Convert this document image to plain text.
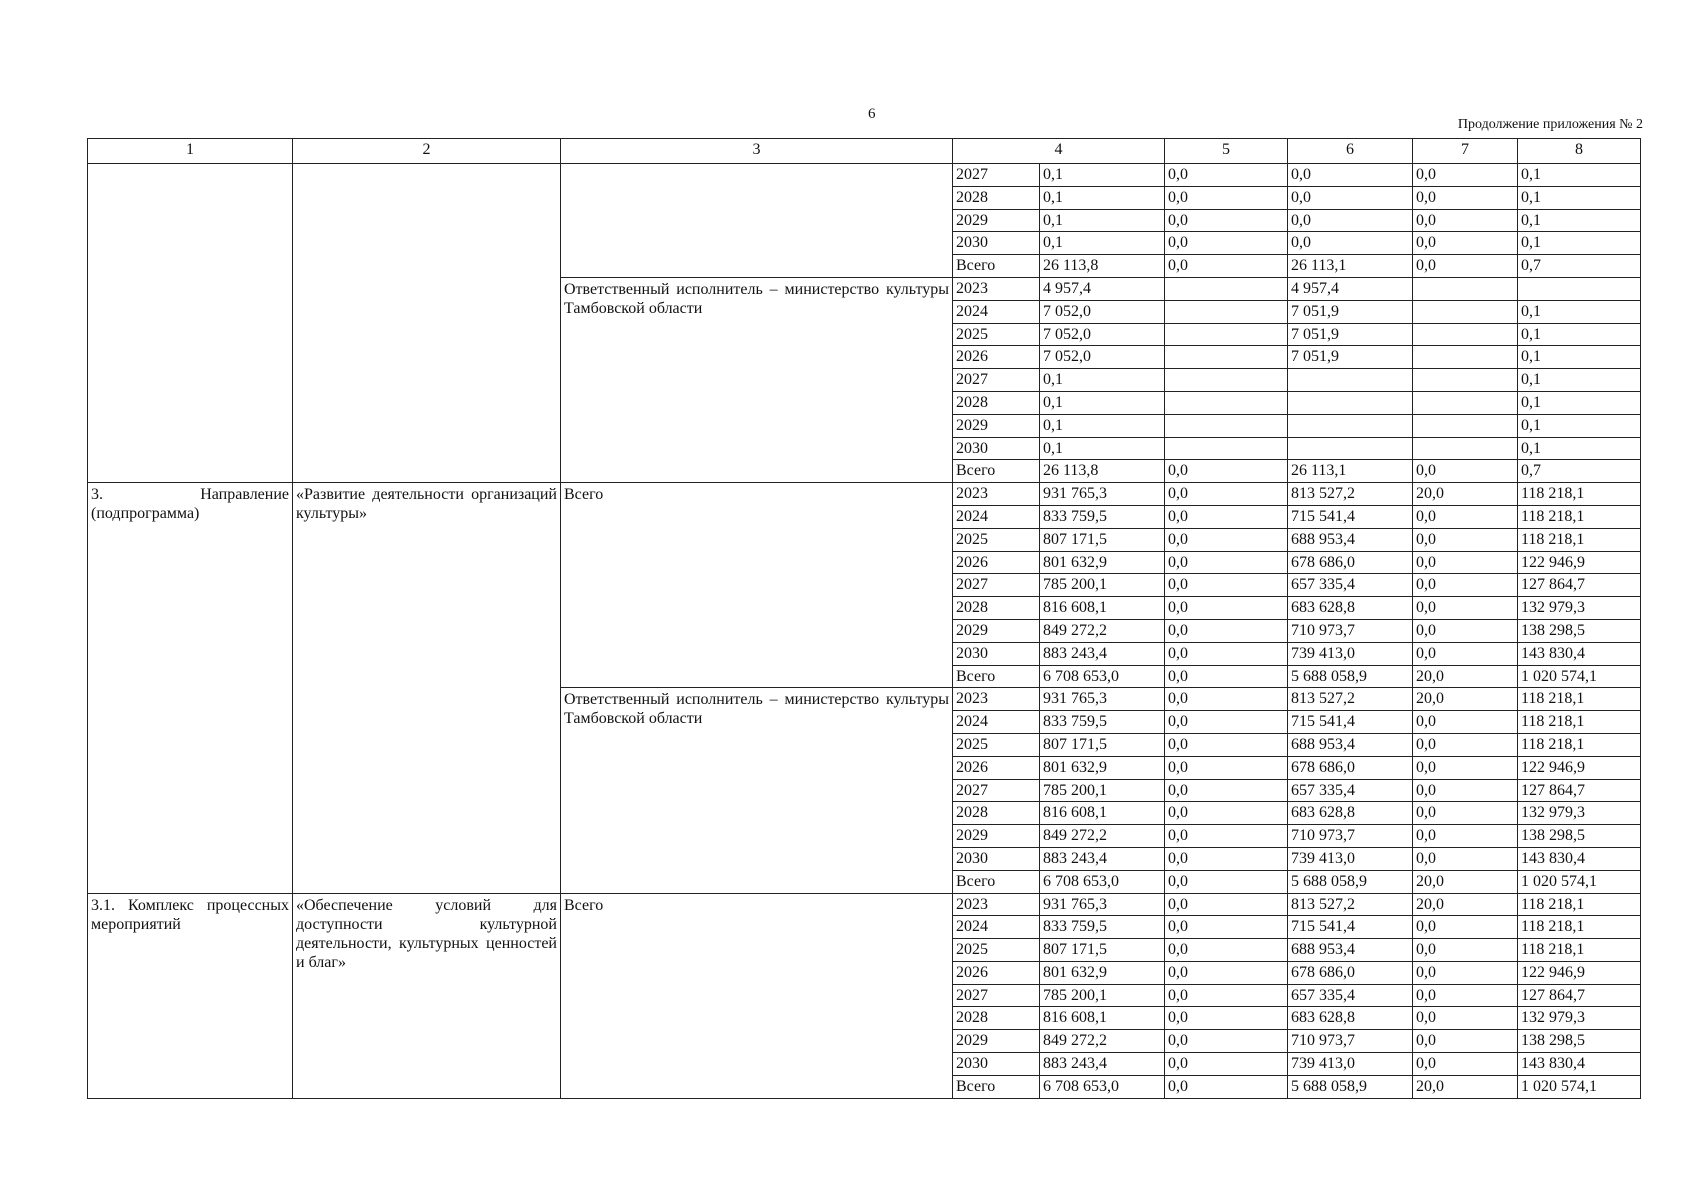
6
Продолжение приложения № 2
1	2	3	4		5	6	7	8
			2027	0,1	0,0	0,0	0,0	0,1
			2028	0,1	0,0	0,0	0,0	0,1
			2029	0,1	0,0	0,0	0,0	0,1
			2030	0,1	0,0	0,0	0,0	0,1
			Всего	26 113,8	0,0	26 113,1	0,0	0,7
		Ответственный исполнитель – министерство культуры Тамбовской области	2023	4 957,4		4 957,4		
			2024	7 052,0		7 051,9		0,1
			2025	7 052,0		7 051,9		0,1
			2026	7 052,0		7 051,9		0,1
			2027	0,1				0,1
			2028	0,1				0,1
			2029	0,1				0,1
			2030	0,1				0,1
			Всего	26 113,8	0,0	26 113,1	0,0	0,7
3. Направление (подпрограмма)	«Развитие деятельности организаций культуры»	Всего	2023	931 765,3	0,0	813 527,2	20,0	118 218,1
			2024	833 759,5	0,0	715 541,4	0,0	118 218,1
			2025	807 171,5	0,0	688 953,4	0,0	118 218,1
			2026	801 632,9	0,0	678 686,0	0,0	122 946,9
			2027	785 200,1	0,0	657 335,4	0,0	127 864,7
			2028	816 608,1	0,0	683 628,8	0,0	132 979,3
			2029	849 272,2	0,0	710 973,7	0,0	138 298,5
			2030	883 243,4	0,0	739 413,0	0,0	143 830,4
			Всего	6 708 653,0	0,0	5 688 058,9	20,0	1 020 574,1
		Ответственный исполнитель – министерство культуры Тамбовской области	2023	931 765,3	0,0	813 527,2	20,0	118 218,1
			2024	833 759,5	0,0	715 541,4	0,0	118 218,1
			2025	807 171,5	0,0	688 953,4	0,0	118 218,1
			2026	801 632,9	0,0	678 686,0	0,0	122 946,9
			2027	785 200,1	0,0	657 335,4	0,0	127 864,7
			2028	816 608,1	0,0	683 628,8	0,0	132 979,3
			2029	849 272,2	0,0	710 973,7	0,0	138 298,5
			2030	883 243,4	0,0	739 413,0	0,0	143 830,4
			Всего	6 708 653,0	0,0	5 688 058,9	20,0	1 020 574,1
3.1. Комплекс процессных мероприятий	«Обеспечение условий для доступности культурной деятельности, культурных ценностей и благ»	Всего	2023	931 765,3	0,0	813 527,2	20,0	118 218,1
			2024	833 759,5	0,0	715 541,4	0,0	118 218,1
			2025	807 171,5	0,0	688 953,4	0,0	118 218,1
			2026	801 632,9	0,0	678 686,0	0,0	122 946,9
			2027	785 200,1	0,0	657 335,4	0,0	127 864,7
			2028	816 608,1	0,0	683 628,8	0,0	132 979,3
			2029	849 272,2	0,0	710 973,7	0,0	138 298,5
			2030	883 243,4	0,0	739 413,0	0,0	143 830,4
			Всего	6 708 653,0	0,0	5 688 058,9	20,0	1 020 574,1
